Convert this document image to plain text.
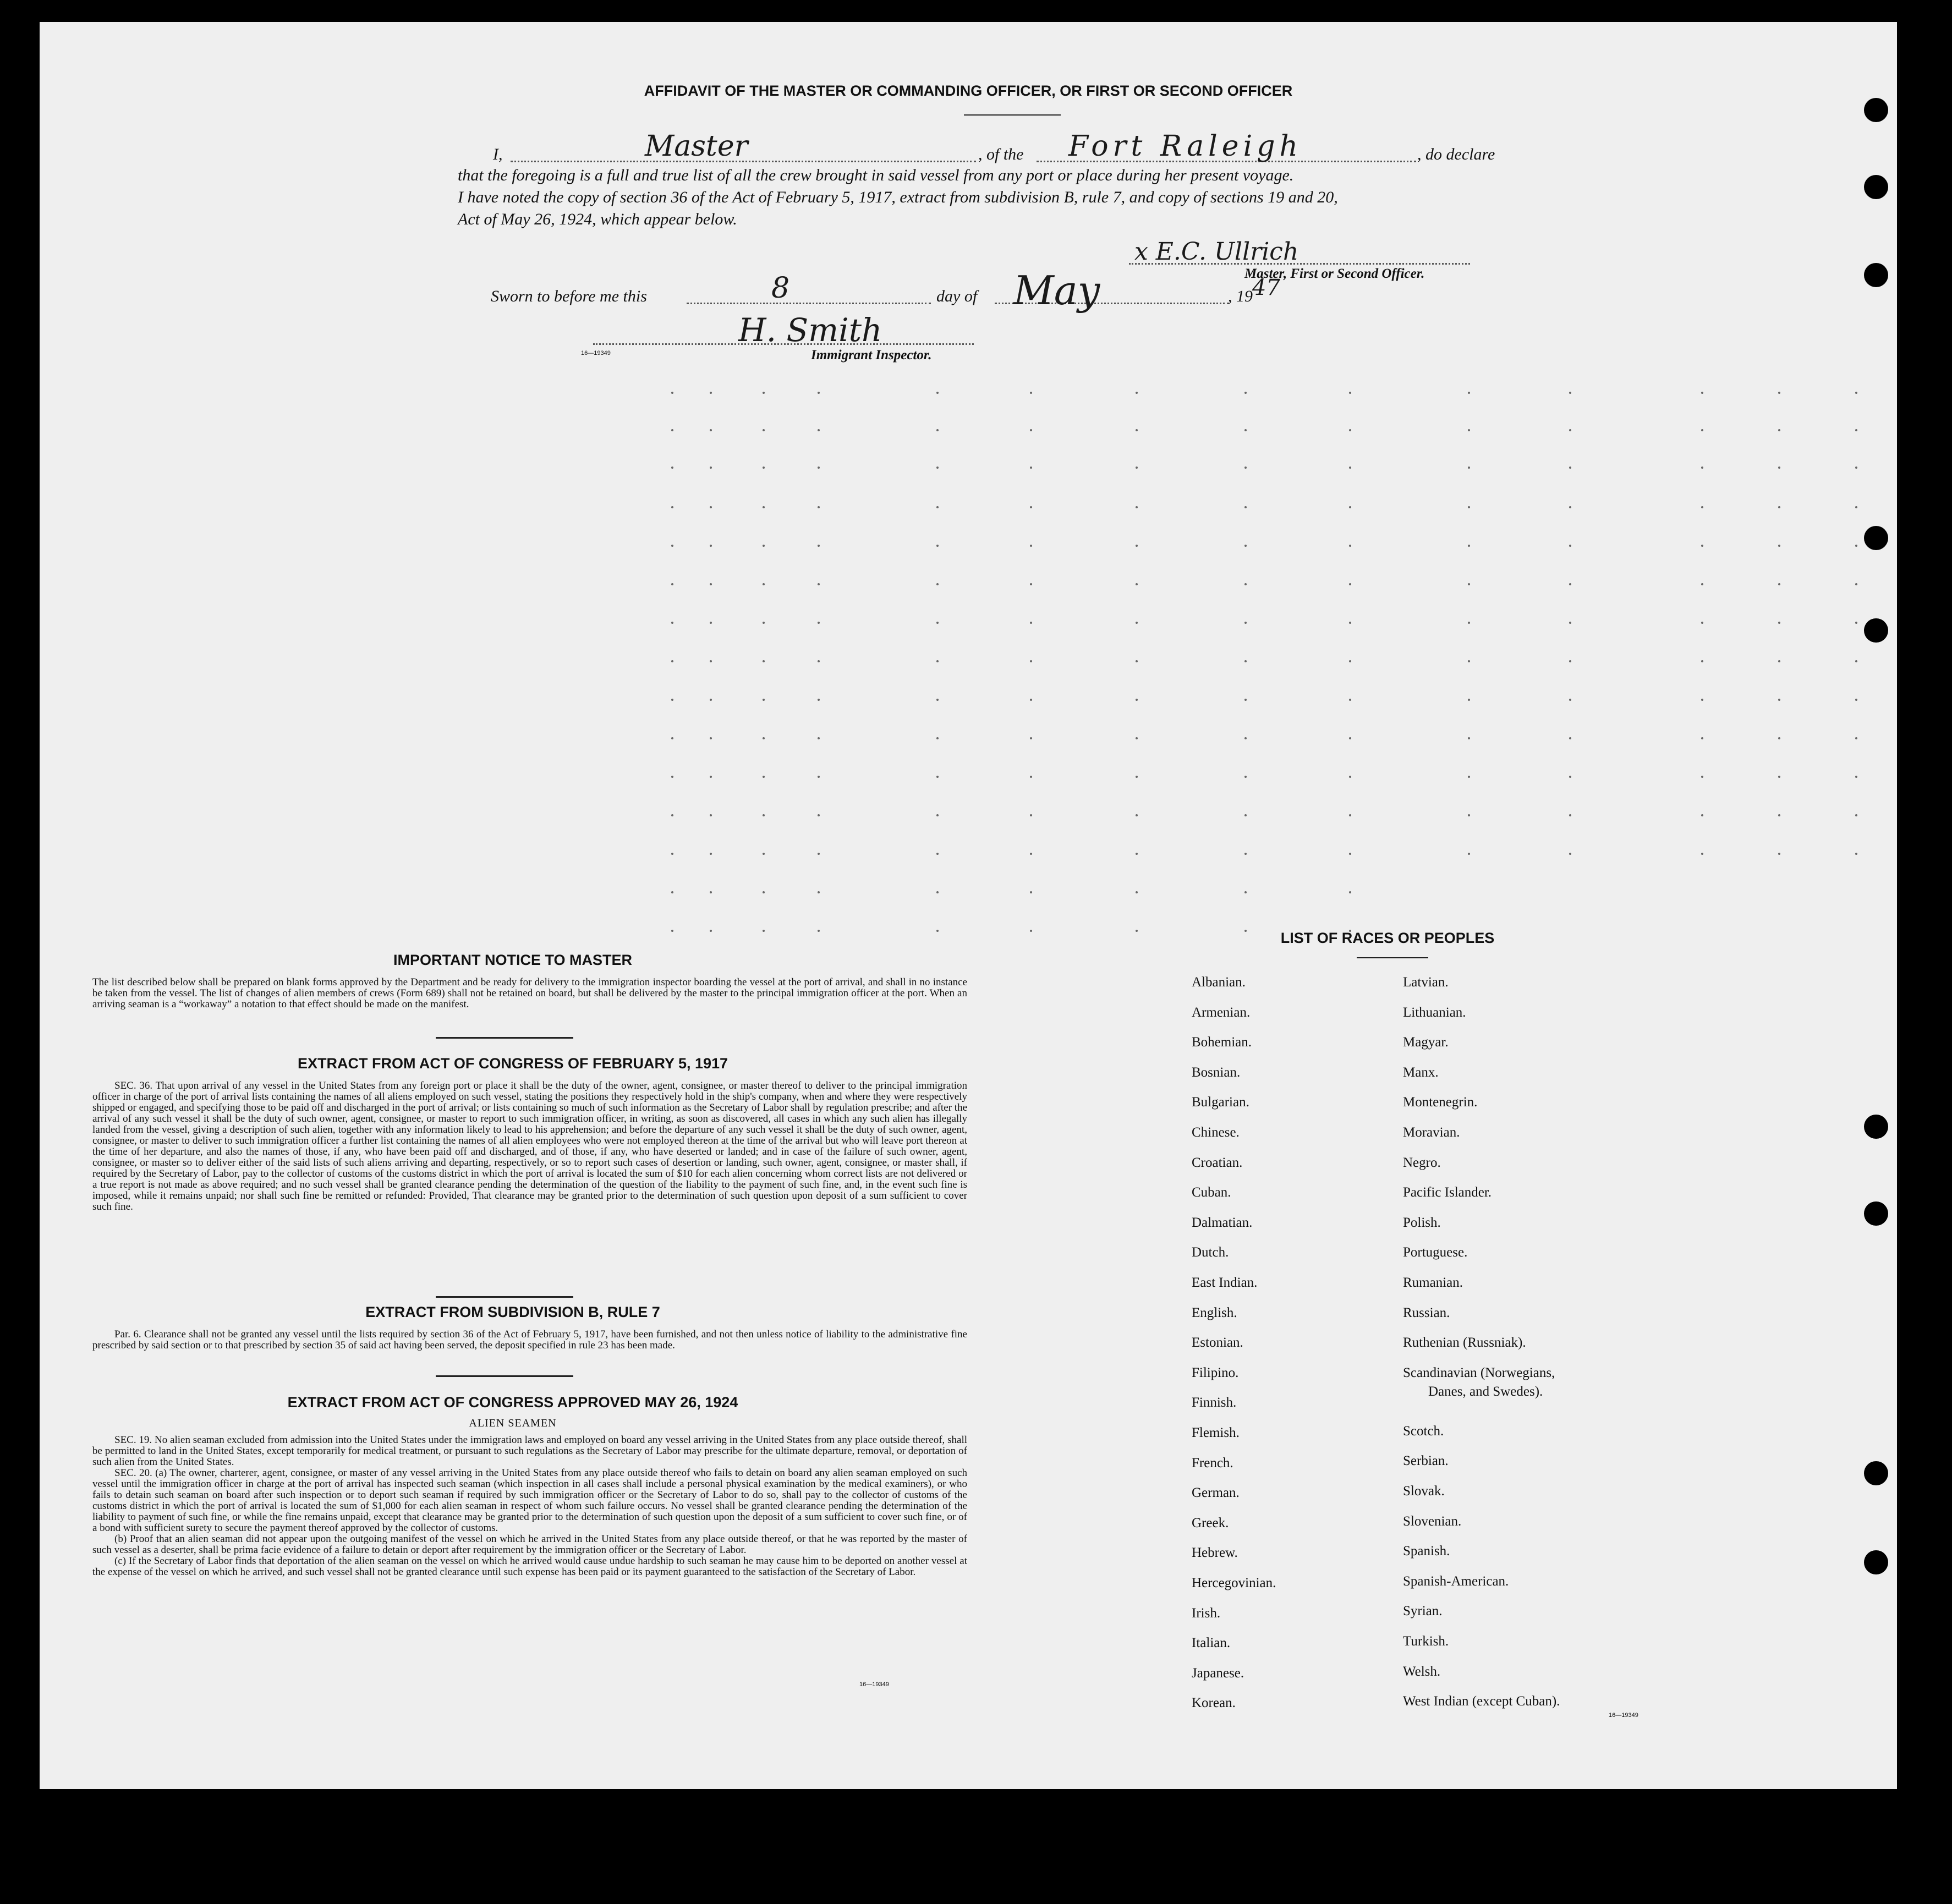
AFFIDAVIT OF THE MASTER OR COMMANDING OFFICER, OR FIRST OR SECOND OFFICER
I,	Master	, of the Fort Raleigh	, do declare
that the foregoing is a full and true list of all the crew brought in said vessel from any port or place during her present voyage.
I have noted the copy of section 36 of the Act of February 5, 1917, extract from subdivision B, rule 7, and copy of sections 19 and 20,
Act of May 26, 1924, which appear below.
x E.C. Ullrich
Master, First or Second Officer.
Sworn to before me this	8	day of May	, 19 47
H. Smith
16—19349	Immigrant Inspector.
IMPORTANT NOTICE TO MASTER
The list described below shall be prepared on blank forms approved by the Department and be ready for delivery to the immigration inspector boarding the vessel at the port of arrival, and shall in no instance be taken from the vessel. The list of changes of alien members of crews (Form 689) shall not be retained on board, but shall be delivered by the master to the principal immigration officer at the port. When an arriving seaman is a “workaway” a notation to that effect should be made on the manifest.
EXTRACT FROM ACT OF CONGRESS OF FEBRUARY 5, 1917
SEC. 36. That upon arrival of any vessel in the United States from any foreign port or place it shall be the duty of the owner, agent, consignee, or master thereof to deliver to the principal immigration officer in charge of the port of arrival lists containing the names of all aliens employed on such vessel, stating the positions they respectively hold in the ship's company, when and where they were respectively shipped or engaged, and specifying those to be paid off and discharged in the port of arrival; or lists containing so much of such information as the Secretary of Labor shall by regulation prescribe; and after the arrival of any such vessel it shall be the duty of such owner, agent, consignee, or master to report to such immigration officer, in writing, as soon as discovered, all cases in which any such alien has illegally landed from the vessel, giving a description of such alien, together with any information likely to lead to his apprehension; and before the departure of any such vessel it shall be the duty of such owner, agent, consignee, or master to deliver to such immigration officer a further list containing the names of all alien employees who were not employed thereon at the time of the arrival but who will leave port thereon at the time of her departure, and also the names of those, if any, who have been paid off and discharged, and of those, if any, who have deserted or landed; and in case of the failure of such owner, agent, consignee, or master so to deliver either of the said lists of such aliens arriving and departing, respectively, or so to report such cases of desertion or landing, such owner, agent, consignee, or master shall, if required by the Secretary of Labor, pay to the collector of customs of the customs district in which the port of arrival is located the sum of $10 for each alien concerning whom correct lists are not delivered or a true report is not made as above required; and no such vessel shall be granted clearance pending the determination of the question of the liability to the payment of such fine, and, in the event such fine is imposed, while it remains unpaid; nor shall such fine be remitted or refunded: Provided, That clearance may be granted prior to the determination of such question upon deposit of a sum sufficient to cover such fine.
EXTRACT FROM SUBDIVISION B, RULE 7
Par. 6. Clearance shall not be granted any vessel until the lists required by section 36 of the Act of February 5, 1917, have been furnished, and not then unless notice of liability to the administrative fine prescribed by said section or to that prescribed by section 35 of said act having been served, the deposit specified in rule 23 has been made.
EXTRACT FROM ACT OF CONGRESS APPROVED MAY 26, 1924
ALIEN SEAMEN
SEC. 19. No alien seaman excluded from admission into the United States under the immigration laws and employed on board any vessel arriving in the United States from any place outside thereof, shall be permitted to land in the United States, except temporarily for medical treatment, or pursuant to such regulations as the Secretary of Labor may prescribe for the ultimate departure, removal, or deportation of such alien from the United States.
SEC. 20. (a) The owner, charterer, agent, consignee, or master of any vessel arriving in the United States from any place outside thereof who fails to detain on board any alien seaman employed on such vessel until the immigration officer in charge at the port of arrival has inspected such seaman (which inspection in all cases shall include a personal physical examination by the medical examiners), or who fails to detain such seaman on board after such inspection or to deport such seaman if required by such immigration officer or the Secretary of Labor to do so, shall pay to the collector of customs of the customs district in which the port of arrival is located the sum of $1,000 for each alien seaman in respect of whom such failure occurs. No vessel shall be granted clearance pending the determination of the liability to payment of such fine, or while the fine remains unpaid, except that clearance may be granted prior to the determination of such question upon the deposit of a sum sufficient to cover such fine, or of a bond with sufficient surety to secure the payment thereof approved by the collector of customs.
(b) Proof that an alien seaman did not appear upon the outgoing manifest of the vessel on which he arrived in the United States from any place outside thereof, or that he was reported by the master of such vessel as a deserter, shall be prima facie evidence of a failure to detain or deport after requirement by the immigration officer or the Secretary of Labor.
(c) If the Secretary of Labor finds that deportation of the alien seaman on the vessel on which he arrived would cause undue hardship to such seaman he may cause him to be deported on another vessel at the expense of the vessel on which he arrived, and such vessel shall not be granted clearance until such expense has been paid or its payment guaranteed to the satisfaction of the Secretary of Labor.
16—19349
LIST OF RACES OR PEOPLES
Albanian.
Armenian.
Bohemian.
Bosnian.
Bulgarian.
Chinese.
Croatian.
Cuban.
Dalmatian.
Dutch.
East Indian.
English.
Estonian.
Filipino.
Finnish.
Flemish.
French.
German.
Greek.
Hebrew.
Hercegovinian.
Irish.
Italian.
Japanese.
Korean.
Latvian.
Lithuanian.
Magyar.
Manx.
Montenegrin.
Moravian.
Negro.
Pacific Islander.
Polish.
Portuguese.
Rumanian.
Russian.
Ruthenian (Russniak).
Scandinavian (Norwegians,
Danes, and Swedes).
Scotch.
Serbian.
Slovak.
Slovenian.
Spanish.
Spanish-American.
Syrian.
Turkish.
Welsh.
West Indian (except Cuban).
16—19349
